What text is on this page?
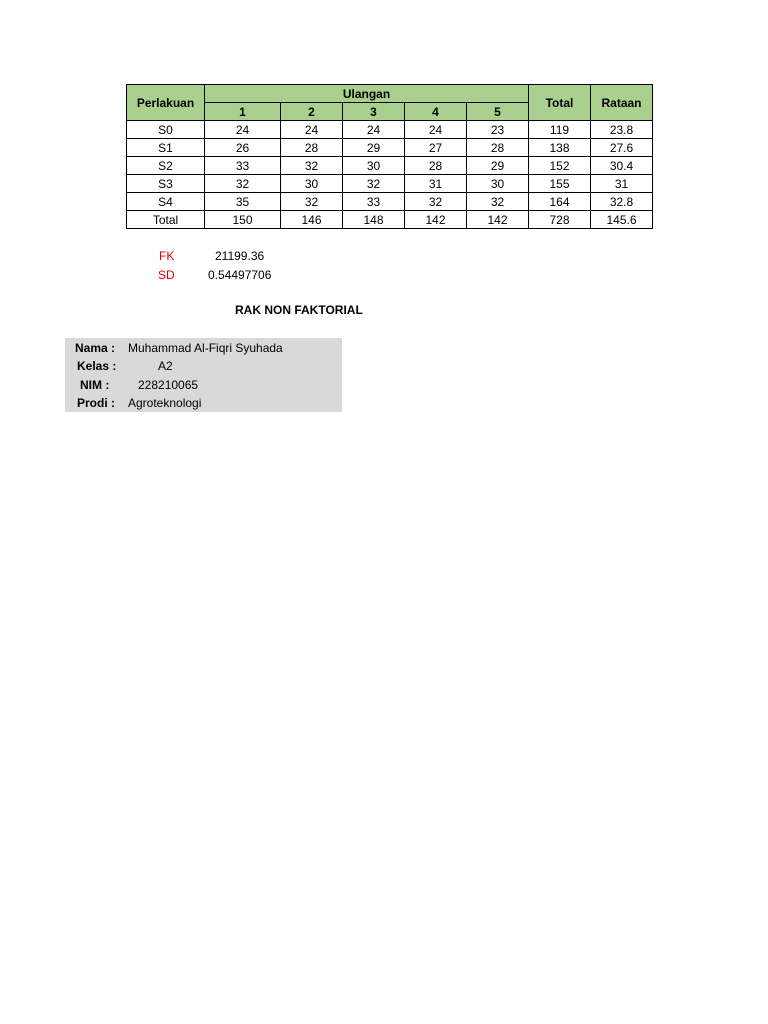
Perlakuan	Ulangan					Total	Rataan
	1	2	3	4	5		
S0	24	24	24	24	23	119	23.8
S1	26	28	29	27	28	138	27.6
S2	33	32	30	28	29	152	30.4
S3	32	30	32	31	30	155	31
S4	35	32	33	32	32	164	32.8
Total	150	146	148	142	142	728	145.6
FK	21199.36
SD	0.54497706
RAK NON FAKTORIAL
Nama : Muhammad Al-Fiqri Syuhada
Kelas :	A2
NIM : 228210065
Prodi : Agroteknologi
